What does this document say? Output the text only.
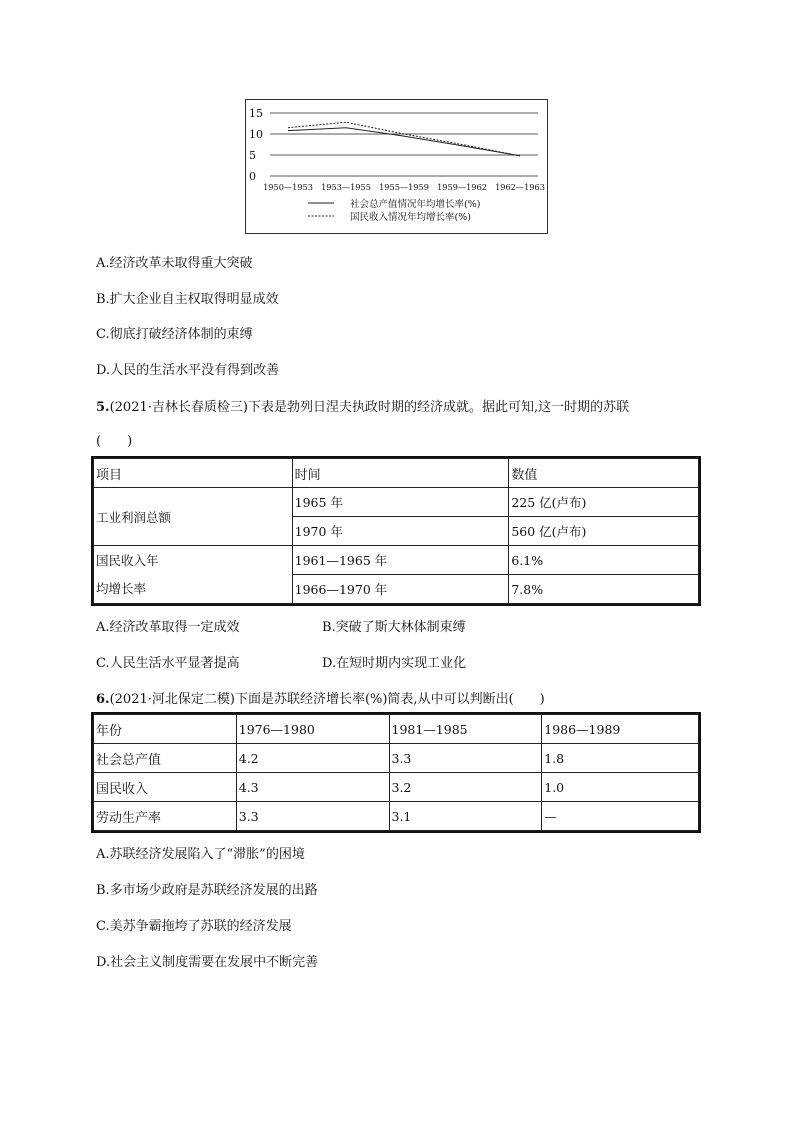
15
10
5
0
1950—1953 1953—1955 1955—1959 1959—1962 1962—1963
社会总产值情况年均增长率(%)
国民收入情况年均增长率(%)
A.经济改革未取得重大突破
B.扩大企业自主权取得明显成效
C.彻底打破经济体制的束缚
D.人民的生活水平没有得到改善
5.(2021·吉林长春质检三)下表是勃列日涅夫执政时期的经济成就。据此可知,这一时期的苏联
(　　)
项目	时间	数值
工业利润总额	1965 年	225 亿(卢布)
	1970 年	560 亿(卢布)

国民收入年
均增长率	1961—1965 年	6.1%
	1966—1970 年	7.8%
A.经济改革取得一定成效	B.突破了斯大林体制束缚
C.人民生活水平显著提高	D.在短时期内实现工业化
6.(2021·河北保定二模)下面是苏联经济增长率(%)简表,从中可以判断出(　　)
年份	1976—1980	1981—1985	1986—1989
社会总产值	4.2	3.3	1.8
国民收入	4.3	3.2	1.0
劳动生产率	3.3	3.1	—
A.苏联经济发展陷入了“滞胀”的困境
B.多市场少政府是苏联经济发展的出路
C.美苏争霸拖垮了苏联的经济发展
D.社会主义制度需要在发展中不断完善
